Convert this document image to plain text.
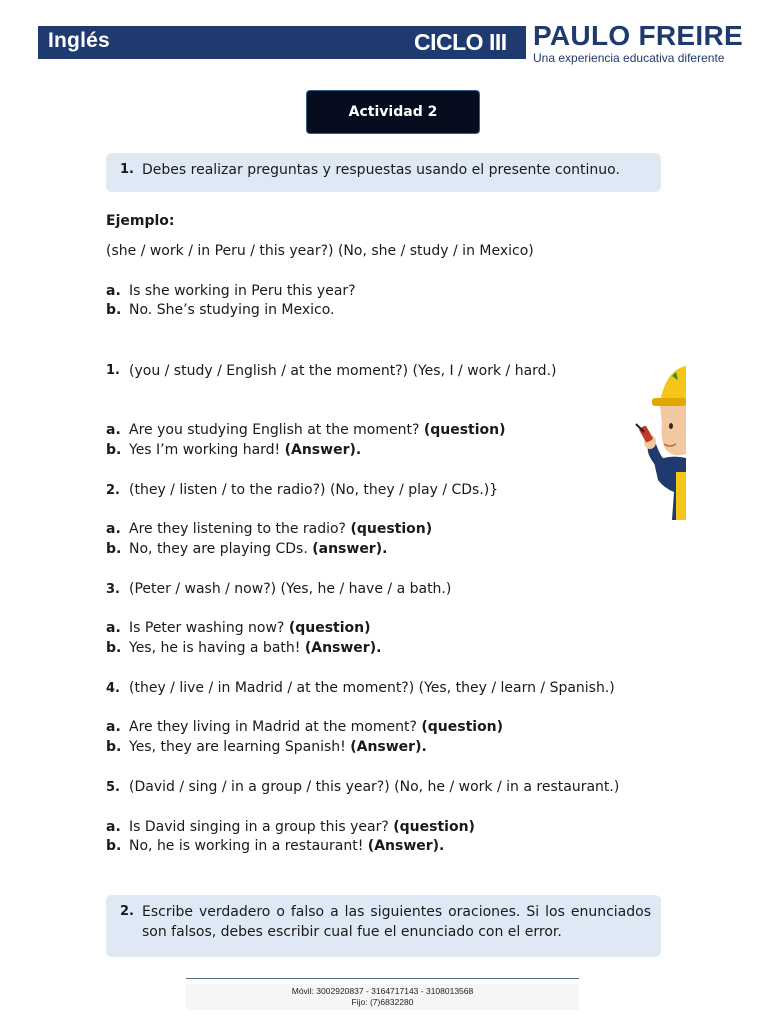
Inglés	CICLO III PAULO FREIRE
Una experiencia educativa diferente
Actividad 2
1. Debes realizar preguntas y respuestas usando el presente continuo.
Ejemplo:
(she / work / in Peru / this year?) (No, she / study / in Mexico)
a. Is she working in Peru this year?
b. No. She’s studying in Mexico.
1. (you / study / English / at the moment?) (Yes, I / work / hard.)
a. Are you studying English at the moment? (question)
b. Yes I’m working hard! (Answer).
2. (they / listen / to the radio?) (No, they / play / CDs.)}
a. Are they listening to the radio? (question)
b. No, they are playing CDs. (answer).
3. (Peter / wash / now?) (Yes, he / have / a bath.)
a. Is Peter washing now? (question)
b. Yes, he is having a bath! (Answer).
4. (they / live / in Madrid / at the moment?) (Yes, they / learn / Spanish.)
a. Are they living in Madrid at the moment? (question)
b. Yes, they are learning Spanish! (Answer).
5. (David / sing / in a group / this year?) (No, he / work / in a restaurant.)
a. Is David singing in a group this year? (question)
b. No, he is working in a restaurant! (Answer).
2. Escribe verdadero o falso a las siguientes oraciones. Si los enunciados son falsos, debes escribir cual fue el enunciado con el error.
Móvil: 3002920837 - 3164717143 - 3108013568
Fijo: (7)6832280
